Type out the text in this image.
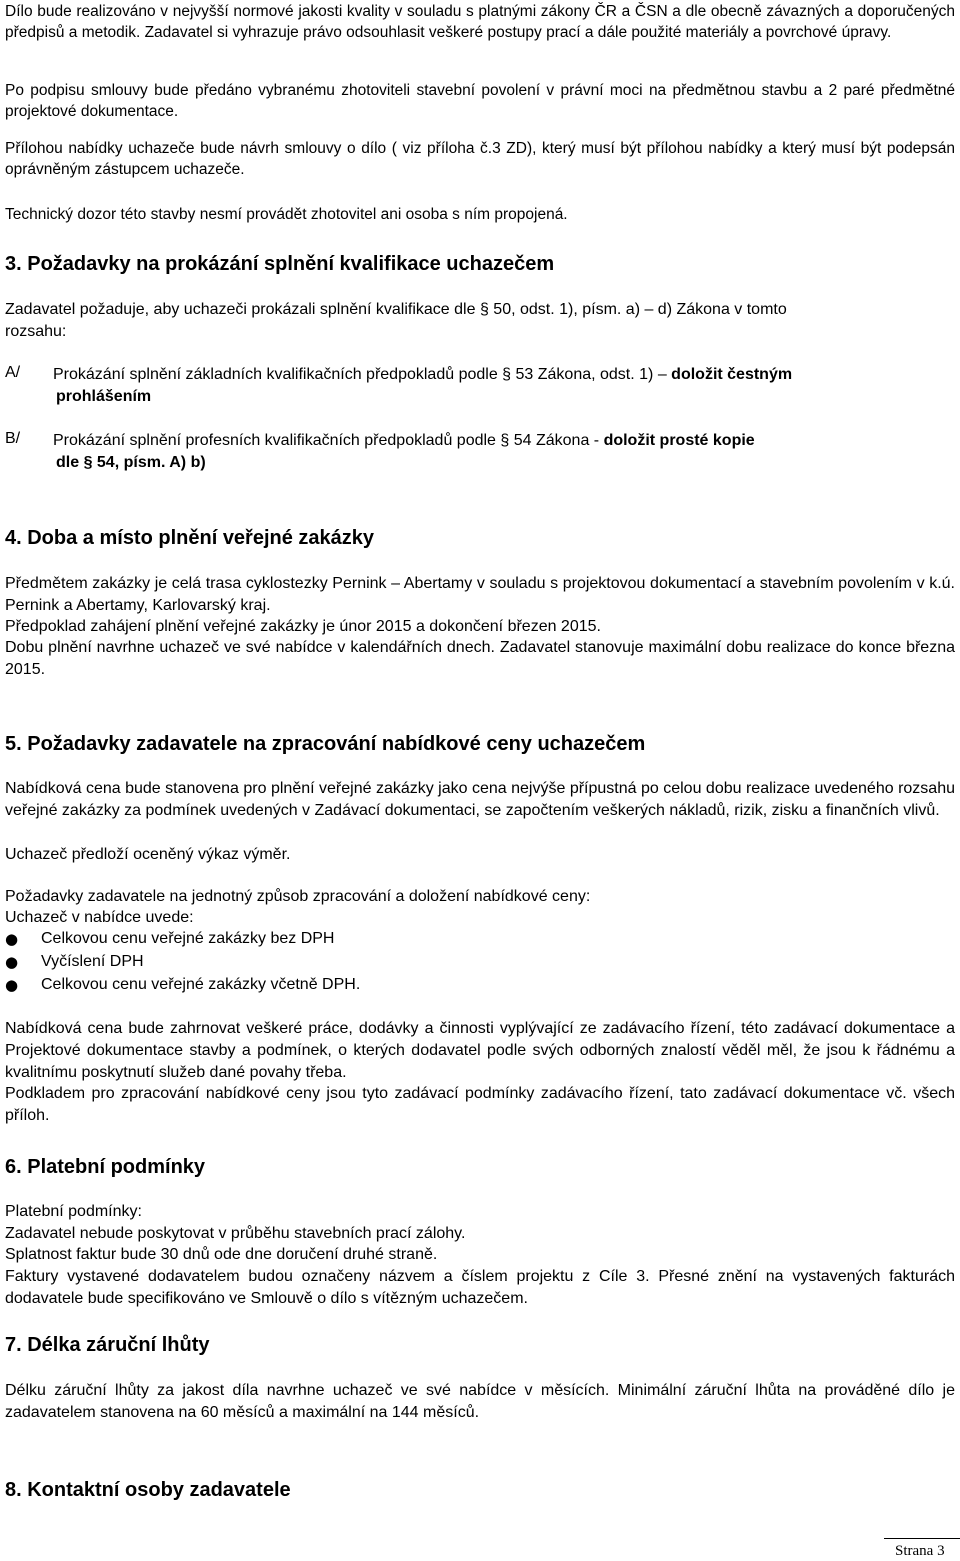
Dílo bude realizováno v nejvyšší normové jakosti kvality v souladu s platnými zákony ČR a ČSN a dle obecně závazných a doporučených předpisů a metodik. Zadavatel si vyhrazuje právo odsouhlasit veškeré postupy prací a dále použité materiály a povrchové úpravy.

Po podpisu smlouvy bude předáno vybranému zhotoviteli stavební povolení v právní moci na předmětnou stavbu a 2 paré předmětné projektové dokumentace.

Přílohou nabídky uchazeče bude návrh smlouvy o dílo ( viz příloha č.3 ZD), který musí být přílohou nabídky a který musí být podepsán oprávněným zástupcem uchazeče.

Technický dozor této stavby nesmí provádět zhotovitel ani osoba s ním propojená.

3. Požadavky na prokázání splnění kvalifikace uchazečem

Zadavatel požaduje, aby uchazeči prokázali splnění kvalifikace dle § 50, odst. 1), písm. a) – d) Zákona v tomto

rozsahu:

A/ Prokázání splnění základních kvalifikačních předpokladů podle § 53 Zákona, odst. 1) – doložit čestným
prohlášením
B/ Prokázání splnění profesních kvalifikačních předpokladů podle § 54 Zákona - doložit prosté kopie
dle § 54, písm. A) b)
4. Doba a místo plnění veřejné zakázky

Předmětem zakázky je celá trasa cyklostezky Pernink – Abertamy v souladu s projektovou dokumentací a stavebním povolením v k.ú. Pernink a Abertamy, Karlovarský kraj.

Předpoklad zahájení plnění veřejné zakázky je únor 2015 a dokončení březen 2015.

Dobu plnění navrhne uchazeč ve své nabídce v kalendářních dnech. Zadavatel stanovuje maximální dobu realizace do konce března 2015.

5. Požadavky zadavatele na zpracování nabídkové ceny uchazečem

Nabídková cena bude stanovena pro plnění veřejné zakázky jako cena nejvýše přípustná po celou dobu realizace uvedeného rozsahu veřejné zakázky za podmínek uvedených v Zadávací dokumentaci, se započtením veškerých nákladů, rizik, zisku a finančních vlivů.

Uchazeč předloží oceněný výkaz výměr.

Požadavky zadavatele na jednotný způsob zpracování a doložení nabídkové ceny:

Uchazeč v nabídce uvede:

● Celkovou cenu veřejné zakázky bez DPH
● Vyčíslení DPH
● Celkovou cenu veřejné zakázky včetně DPH.

Nabídková cena bude zahrnovat veškeré práce, dodávky a činnosti vyplývající ze zadávacího řízení, této zadávací dokumentace a Projektové dokumentace stavby a podmínek, o kterých dodavatel podle svých odborných znalostí věděl měl, že jsou k řádnému a kvalitnímu poskytnutí služeb dané povahy třeba.

Podkladem pro zpracování nabídkové ceny jsou tyto zadávací podmínky zadávacího řízení, tato zadávací dokumentace vč. všech příloh.

6. Platební podmínky

Platební podmínky:

Zadavatel nebude poskytovat v průběhu stavebních prací zálohy.

Splatnost faktur bude 30 dnů ode dne doručení druhé straně.

Faktury vystavené dodavatelem budou označeny názvem a číslem projektu z Cíle 3. Přesné znění na vystavených fakturách dodavatele bude specifikováno ve Smlouvě o dílo s vítězným uchazečem.

7. Délka záruční lhůty

Délku záruční lhůty za jakost díla navrhne uchazeč ve své nabídce v měsících. Minimální záruční lhůta na prováděné dílo je zadavatelem stanovena na 60 měsíců a maximální na 144 měsíců.

8. Kontaktní osoby zadavatele
Strana 3
